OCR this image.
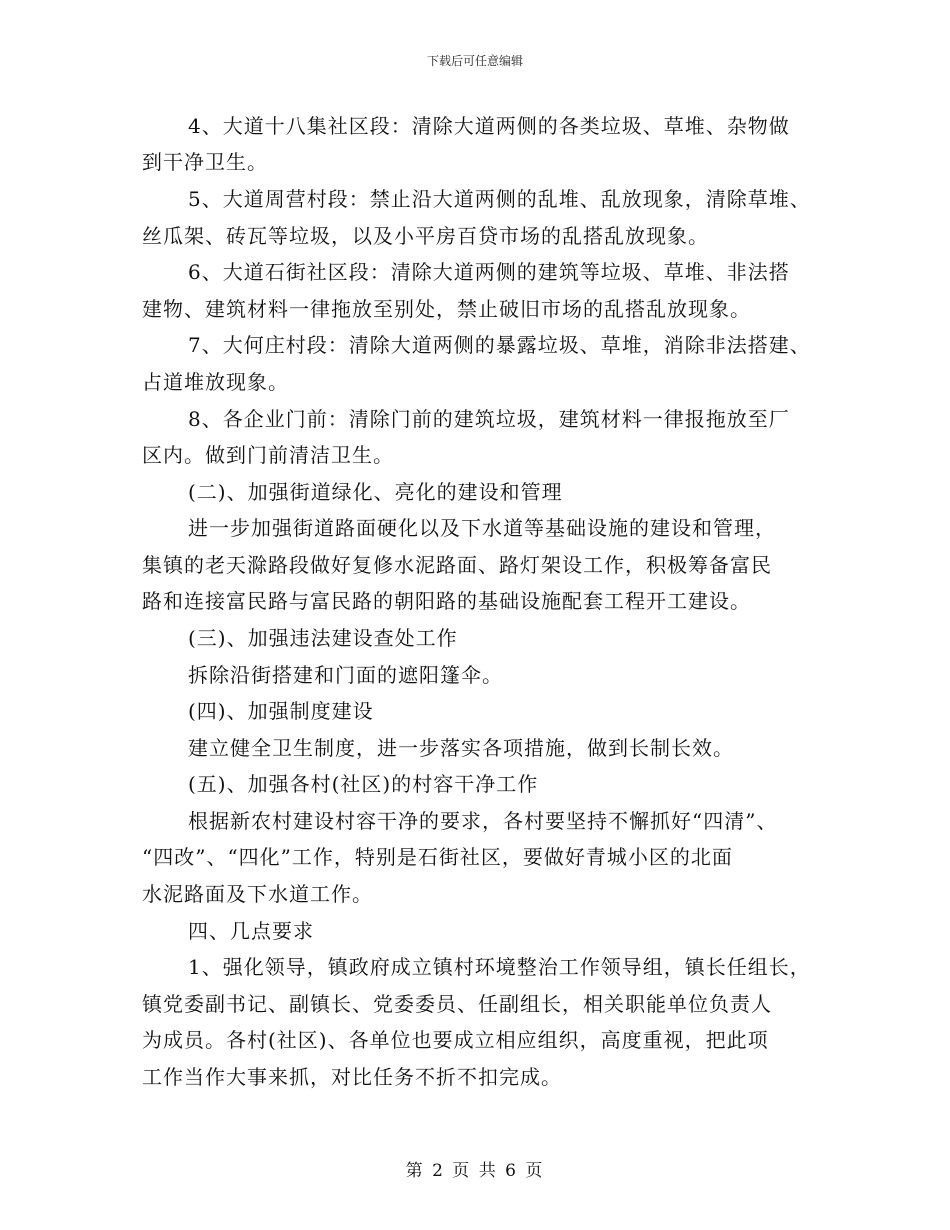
下载后可任意编辑
4、大道十八集社区段：清除大道两侧的各类垃圾、草堆、杂物做
到干净卫生。
5、大道周营村段：禁止沿大道两侧的乱堆、乱放现象，清除草堆、
丝瓜架、砖瓦等垃圾，以及小平房百贷市场的乱搭乱放现象。
6、大道石街社区段：清除大道两侧的建筑等垃圾、草堆、非法搭
建物、建筑材料一律拖放至别处，禁止破旧市场的乱搭乱放现象。
7、大何庄村段：清除大道两侧的暴露垃圾、草堆，消除非法搭建、
占道堆放现象。
8、各企业门前：清除门前的建筑垃圾，建筑材料一律报拖放至厂
区内。做到门前清洁卫生。
(二)、加强街道绿化、亮化的建设和管理
进一步加强街道路面硬化以及下水道等基础设施的建设和管理，
集镇的老天滁路段做好复修水泥路面、路灯架设工作，积极筹备富民
路和连接富民路与富民路的朝阳路的基础设施配套工程开工建设。
(三)、加强违法建设查处工作
拆除沿街搭建和门面的遮阳篷伞。
(四)、加强制度建设
建立健全卫生制度，进一步落实各项措施，做到长制长效。
(五)、加强各村(社区)的村容干净工作
根据新农村建设村容干净的要求，各村要坚持不懈抓好“四清”、
“四改”、“四化”工作，特别是石街社区，要做好青城小区的北面
水泥路面及下水道工作。
四、几点要求
1、强化领导，镇政府成立镇村环境整治工作领导组，镇长任组长，
镇党委副书记、副镇长、党委委员、任副组长，相关职能单位负责人
为成员。各村(社区)、各单位也要成立相应组织，高度重视，把此项
工作当作大事来抓，对比任务不折不扣完成。
第 2 页 共 6 页
